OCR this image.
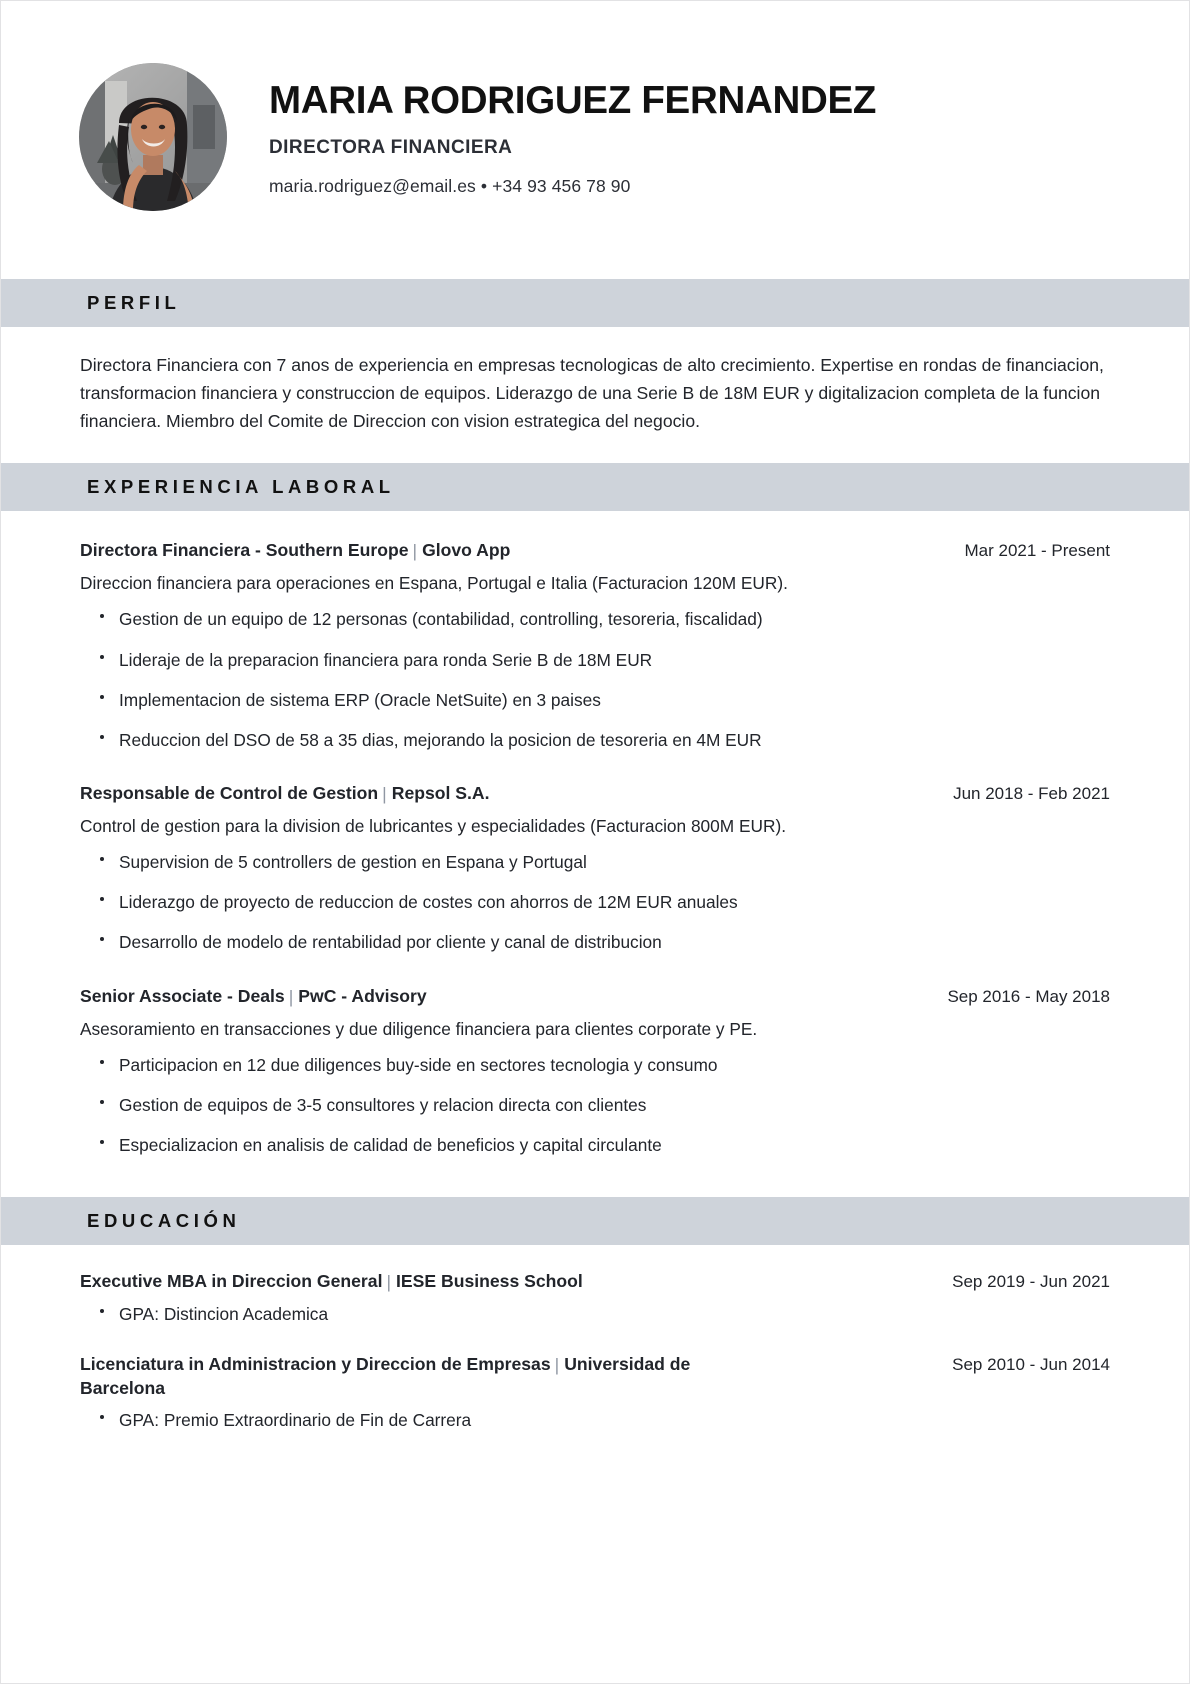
MARIA RODRIGUEZ FERNANDEZ
DIRECTORA FINANCIERA
maria.rodriguez@email.es • +34 93 456 78 90
PERFIL

Directora Financiera con 7 anos de experiencia en empresas tecnologicas de alto crecimiento. Expertise en rondas de financiacion, transformacion financiera y construccion de equipos. Liderazgo de una Serie B de 18M EUR y digitalizacion completa de la funcion financiera. Miembro del Comite de Direccion con vision estrategica del negocio.

EXPERIENCIA LABORAL
Directora Financiera - Southern Europe | Glovo App	Mar 2021 - Present
Direccion financiera para operaciones en Espana, Portugal e Italia (Facturacion 120M EUR).
Gestion de un equipo de 12 personas (contabilidad, controlling, tesoreria, fiscalidad)
Lideraje de la preparacion financiera para ronda Serie B de 18M EUR
Implementacion de sistema ERP (Oracle NetSuite) en 3 paises
Reduccion del DSO de 58 a 35 dias, mejorando la posicion de tesoreria en 4M EUR
Responsable de Control de Gestion | Repsol S.A.	Jun 2018 - Feb 2021
Control de gestion para la division de lubricantes y especialidades (Facturacion 800M EUR).
Supervision de 5 controllers de gestion en Espana y Portugal
Liderazgo de proyecto de reduccion de costes con ahorros de 12M EUR anuales
Desarrollo de modelo de rentabilidad por cliente y canal de distribucion
Senior Associate - Deals | PwC - Advisory	Sep 2016 - May 2018
Asesoramiento en transacciones y due diligence financiera para clientes corporate y PE.
Participacion en 12 due diligences buy-side en sectores tecnologia y consumo
Gestion de equipos de 3-5 consultores y relacion directa con clientes
Especializacion en analisis de calidad de beneficios y capital circulante
EDUCACIÓN
Executive MBA in Direccion General | IESE Business School	Sep 2019 - Jun 2021
GPA: Distincion Academica
Licenciatura in Administracion y Direccion de Empresas | Universidad de Barcelona
Sep 2010 - Jun 2014
GPA: Premio Extraordinario de Fin de Carrera
